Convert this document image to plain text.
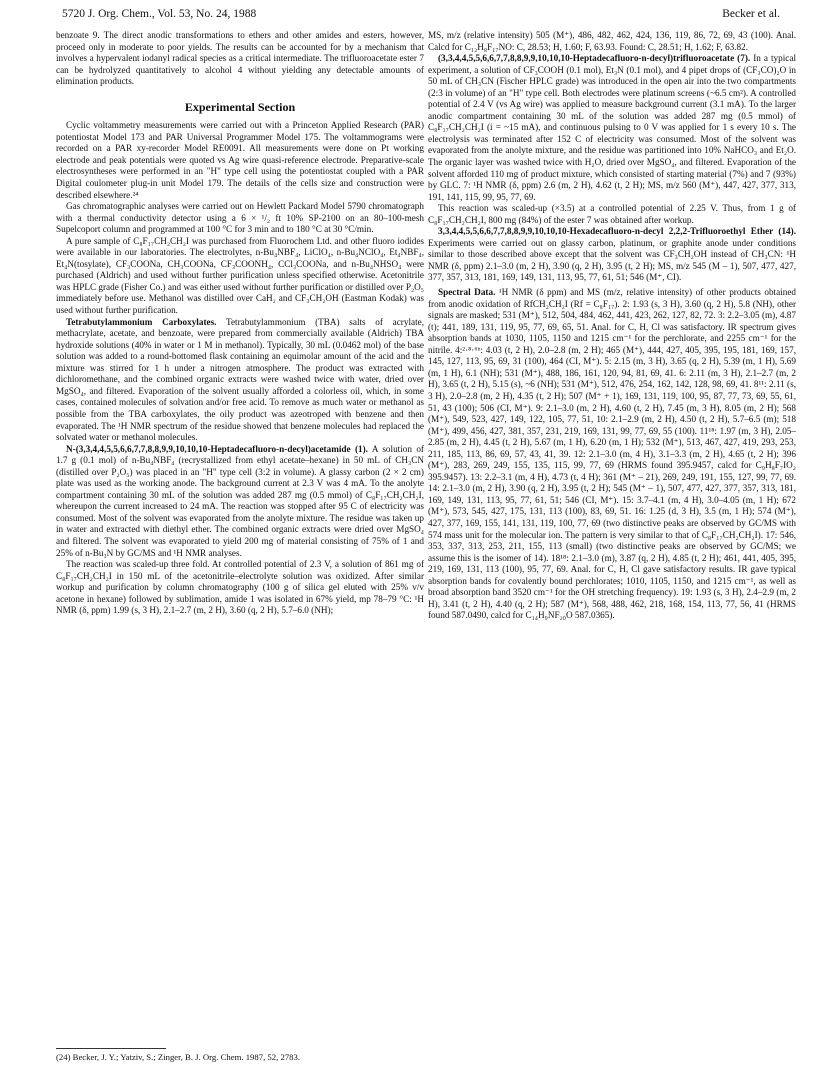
5720 J. Org. Chem., Vol. 53, No. 24, 1988	Becker et al.

benzoate 9. The direct anodic transformations to ethers and other amides and esters, however, proceed only in moderate to poor yields. The results can be accounted for by a mechanism that involves a hypervalent iodanyl radical species as a critical intermediate. The trifluoroacetate ester 7 can be hydrolyzed quantitatively to alcohol 4 without yielding any detectable amounts of elimination products.

Experimental Section

Cyclic voltammetry measurements were carried out with a Princeton Applied Research (PAR) potentiostat Model 173 and PAR Universal Programmer Model 175. The voltammograms were recorded on a PAR xy-recorder Model RE0091. All measurements were done on Pt working electrode and peak potentials were quoted vs Ag wire quasi-reference electrode. Preparative-scale electrosyntheses were performed in an "H" type cell using the potentiostat coupled with a PAR Digital coulometer plug-in unit Model 179. The details of the cells size and construction were described elsewhere.²⁴

Gas chromatographic analyses were carried out on Hewlett Packard Model 5790 chromatograph with a thermal conductivity detector using a 6 × ¹/₂ ft 10% SP-2100 on an 80–100-mesh Supelcoport column and programmed at 100 °C for 3 min and to 180 °C at 30 °C/min.

A pure sample of C₈F₁₇CH₂CH₂I was purchased from Fluorochem Ltd. and other fluoro iodides were available in our laboratories. The electrolytes, n-Bu₄NBF₄, LiClO₄, n-Bu₄NClO₄, Et₄NBF₄, Et₄N(tosylate), CF₃COONa, CH₃COONa, CF₃COONH₄, CCl₃COONa, and n-Bu₄NHSO₄ were purchased (Aldrich) and used without further purification unless specified otherwise. Acetonitrile was HPLC grade (Fisher Co.) and was either used without further purification or distilled over P₂O₅ immediately before use. Methanol was distilled over CaH₂ and CF₃CH₂OH (Eastman Kodak) was used without further purification.

Tetrabutylammonium Carboxylates. Tetrabutylammonium (TBA) salts of acrylate, methacrylate, acetate, and benzoate, were prepared from commercially available (Aldrich) TBA hydroxide solutions (40% in water or 1 M in methanol). Typically, 30 mL (0.0462 mol) of the base solution was added to a round-bottomed flask containing an equimolar amount of the acid and the mixture was stirred for 1 h under a nitrogen atmosphere. The product was extracted with dichloromethane, and the combined organic extracts were washed twice with water, dried over MgSO₄, and filtered. Evaporation of the solvent usually afforded a colorless oil, which, in some cases, contained molecules of solvation and/or free acid. To remove as much water or methanol as possible from the TBA carboxylates, the oily product was azeotroped with benzene and then evaporated. The ¹H NMR spectrum of the residue showed that benzene molecules had replaced the solvated water or methanol molecules.

N-(3,3,4,4,5,5,6,6,7,7,8,8,9,9,10,10,10-Heptadecafluoro-n-decyl)acetamide (1). A solution of 1.7 g (0.1 mol) of n-Bu₄NBF₄ (recrystallized from ethyl acetate–hexane) in 50 mL of CH₃CN (distilled over P₂O₅) was placed in an "H" type cell (3:2 in volume). A glassy carbon (2 × 2 cm) plate was used as the working anode. The background current at 2.3 V was 4 mA. To the anolyte compartment containing 30 mL of the solution was added 287 mg (0.5 mmol) of C₈F₁₇CH₂CH₂I, whereupon the current increased to 24 mA. The reaction was stopped after 95 C of electricity was consumed. Most of the solvent was evaporated from the anolyte mixture. The residue was taken up in water and extracted with diethyl ether. The combined organic extracts were dried over MgSO₄ and filtered. The solvent was evaporated to yield 200 mg of material consisting of 75% of 1 and 25% of n-Bu₃N by GC/MS and ¹H NMR analyses.

The reaction was scaled-up three fold. At controlled potential of 2.3 V, a solution of 861 mg of C₈F₁₇CH₂CH₂I in 150 mL of the acetonitrile–electrolyte solution was oxidized. After similar workup and purification by column chromatography (100 g of silica gel eluted with 25% v/v acetone in hexane) followed by sublimation, amide 1 was isolated in 67% yield, mp 78–79 °C: ¹H NMR (δ, ppm) 1.99 (s, 3 H), 2.1–2.7 (m, 2 H), 3.60 (q, 2 H), 5.7–6.0 (NH);

MS, m/z (relative intensity) 505 (M⁺), 486, 482, 462, 424, 136, 119, 86, 72, 69, 43 (100). Anal. Calcd for C₁₂H₈F₁₇NO: C, 28.53; H, 1.60; F, 63.93. Found: C, 28.51; H, 1.62; F, 63.82.

(3,3,4,4,5,5,6,6,7,7,8,8,9,9,10,10,10-Heptadecafluoro-n-decyl)trifluoroacetate (7). In a typical experiment, a solution of CF₃COOH (0.1 mol), Et₃N (0.1 mol), and 4 pipet drops of (CF₃CO)₂O in 50 mL of CH₃CN (Fischer HPLC grade) was introduced in the open air into the two compartments (2:3 in volume) of an "H" type cell. Both electrodes were platinum screens (~6.5 cm²). A controlled potential of 2.4 V (vs Ag wire) was applied to measure background current (3.1 mA). To the larger anodic compartment containing 30 mL of the solution was added 287 mg (0.5 mmol) of C₈F₁₇CH₂CH₂I (i = ~15 mA), and continuous pulsing to 0 V was applied for 1 s every 10 s. The electrolysis was terminated after 152 C of electricity was consumed. Most of the solvent was evaporated from the anolyte mixture, and the residue was partitioned into 10% NaHCO₃ and Et₂O. The organic layer was washed twice with H₂O, dried over MgSO₄, and filtered. Evaporation of the solvent afforded 110 mg of product mixture, which consisted of starting material (7%) and 7 (93%) by GLC. 7: ¹H NMR (δ, ppm) 2.6 (m, 2 H), 4.62 (t, 2 H); MS, m/z 560 (M⁺), 447, 427, 377, 313, 191, 141, 115, 99, 95, 77, 69.

This reaction was scaled-up (×3.5) at a controlled potential of 2.25 V. Thus, from 1 g of C₈F₁₇CH₂CH₂I, 800 mg (84%) of the ester 7 was obtained after workup.

3,3,4,4,5,5,6,6,7,7,8,8,9,9,10,10,10-Hexadecafluoro-n-decyl 2,2,2-Trifluoroethyl Ether (14). Experiments were carried out on glassy carbon, platinum, or graphite anode under conditions similar to those described above except that the solvent was CF₃CH₂OH instead of CH₃CN: ¹H NMR (δ, ppm) 2.1–3.0 (m, 2 H), 3.90 (q, 2 H), 3.95 (t, 2 H); MS, m/z 545 (M – 1), 507, 477, 427, 377, 357, 313, 181, 169, 149, 131, 113, 95, 77, 61, 51; 546 (M⁺, CI).

Spectral Data. ¹H NMR (δ ppm) and MS (m/z, relative intensity) of other products obtained from anodic oxidation of RfCH₂CH₂I (Rf = C₈F₁₇). 2: 1.93 (s, 3 H), 3.60 (q, 2 H), 5.8 (NH), other signals are masked; 531 (M⁺), 512, 504, 484, 462, 441, 423, 262, 127, 82, 72. 3: 2.2–3.05 (m), 4.87 (t); 441, 189, 131, 119, 95, 77, 69, 65, 51. Anal. for C, H, Cl was satisfactory. IR spectrum gives absorption bands at 1030, 1105, 1150 and 1215 cm⁻¹ for the perchlorate, and 2255 cm⁻¹ for the nitrile. 4:²·⁸·⁶ᵇ: 4.03 (t, 2 H), 2.0–2.8 (m, 2 H); 465 (M⁺), 444, 427, 405, 395, 195, 181, 169, 157, 145, 127, 113, 95, 69, 31 (100), 464 (CI, M⁺). 5: 2.15 (m, 3 H), 3.65 (q, 2 H), 5.39 (m, 1 H), 5.69 (m, 1 H), 6.1 (NH); 531 (M⁺), 488, 186, 161, 120, 94, 81, 69, 41. 6: 2.11 (m, 3 H), 2.1–2.7 (m, 2 H), 3.65 (t, 2 H), 5.15 (s), ~6 (NH); 531 (M⁺), 512, 476, 254, 162, 142, 128, 98, 69, 41. 8¹¹: 2.11 (s, 3 H), 2.0–2.8 (m, 2 H), 4.35 (t, 2 H); 507 (M⁺ + 1), 169, 131, 119, 100, 95, 87, 77, 73, 69, 55, 61, 51, 43 (100); 506 (CI, M⁺). 9: 2.1–3.0 (m, 2 H), 4.60 (t, 2 H), 7.45 (m, 3 H), 8.05 (m, 2 H); 568 (M⁺), 549, 523, 427, 149, 122, 105, 77, 51, 10: 2.1–2.9 (m, 2 H), 4.50 (t, 2 H), 5.7–6.5 (m); 518 (M⁺), 499, 456, 427, 381, 357, 231, 219, 169, 131, 99, 77, 69, 55 (100). 11¹⁸: 1.97 (m, 3 H), 2.05–2.85 (m, 2 H), 4.45 (t, 2 H), 5.67 (m, 1 H), 6.20 (m, 1 H); 532 (M⁺), 513, 467, 427, 419, 293, 253, 211, 185, 113, 86, 69, 57, 43, 41, 39. 12: 2.1–3.0 (m, 4 H), 3.1–3.3 (m, 2 H), 4.65 (t, 2 H); 396 (M⁺), 283, 269, 249, 155, 135, 115, 99, 77, 69 (HRMS found 395.9457, calcd for C₉H₈F₇IO₂ 395.9457). 13: 2.2–3.1 (m, 4 H), 4.73 (t, 4 H); 361 (M⁺ – 21), 269, 249, 191, 155, 127, 99, 77, 69. 14: 2.1–3.0 (m, 2 H), 3.90 (q, 2 H), 3.95 (t, 2 H); 545 (M⁺ – 1), 507, 477, 427, 377, 357, 313, 181, 169, 149, 131, 113, 95, 77, 61, 51; 546 (CI, M⁺). 15: 3.7–4.1 (m, 4 H), 3.0–4.05 (m, 1 H); 672 (M⁺), 573, 545, 427, 175, 131, 113 (100), 83, 69, 51. 16: 1.25 (d, 3 H), 3.5 (m, 1 H); 574 (M⁺), 427, 377, 169, 155, 141, 131, 119, 100, 77, 69 (two distinctive peaks are observed by GC/MS with 574 mass unit for the molecular ion. The pattern is very similar to that of C₈F₁₇CH₂CH₂I). 17: 546, 353, 337, 313, 253, 211, 155, 113 (small) (two distinctive peaks are observed by GC/MS; we assume this is the isomer of 14). 18¹⁸: 2.1–3.0 (m), 3.87 (q, 2 H), 4.85 (t, 2 H); 461, 441, 405, 395, 219, 169, 131, 113 (100), 95, 77, 69. Anal. for C, H, Cl gave satisfactory results. IR gave typical absorption bands for covalently bound perchlorates; 1010, 1105, 1150, and 1215 cm⁻¹, as well as broad absorption band 3520 cm⁻¹ for the OH stretching frequency). 19: 1.93 (s, 3 H), 2.4–2.9 (m, 2 H), 3.41 (t, 2 H), 4.40 (q, 2 H); 587 (M⁺), 568, 488, 462, 218, 168, 154, 113, 77, 56, 41 (HRMS found 587.0490, calcd for C₁₄H₉NF₂₀O 587.0365).

(24) Becker, J. Y.; Yatziv, S.; Zinger, B. J. Org. Chem. 1987, 52, 2783.
